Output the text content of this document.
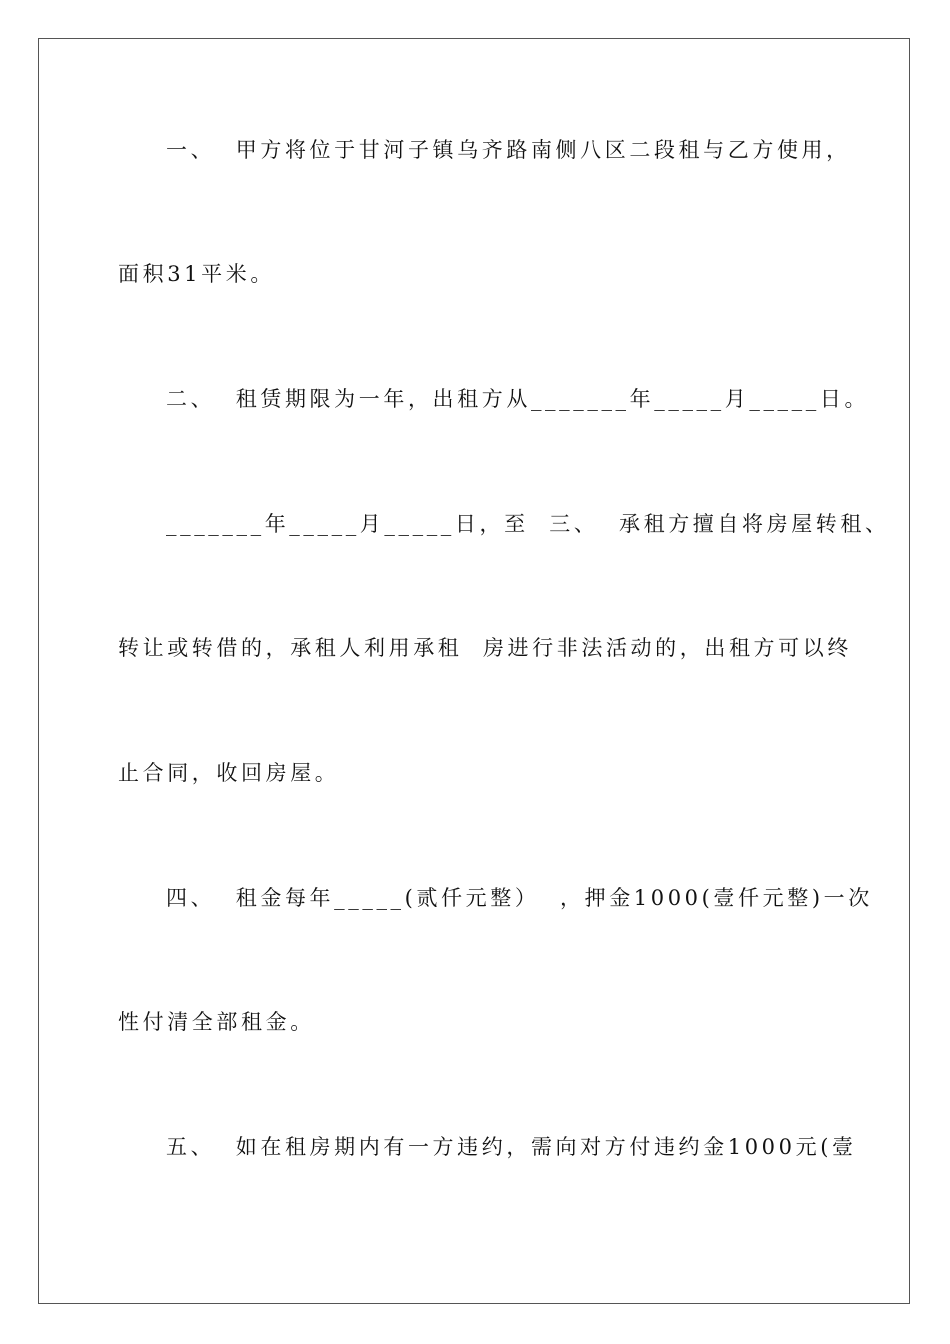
一、  甲方将位于甘河子镇乌齐路南侧八区二段租与乙方使用，
面积31平米。
二、  租赁期限为一年，出租方从_______年_____月_____日。
_______年_____月_____日，至  三、  承租方擅自将房屋转租、
转让或转借的，承租人利用承租  房进行非法活动的，出租方可以终
止合同，收回房屋。
四、  租金每年_____(贰仟元整）  ，押金1000(壹仟元整)一次
性付清全部租金。
五、  如在租房期内有一方违约，需向对方付违约金1000元(壹
